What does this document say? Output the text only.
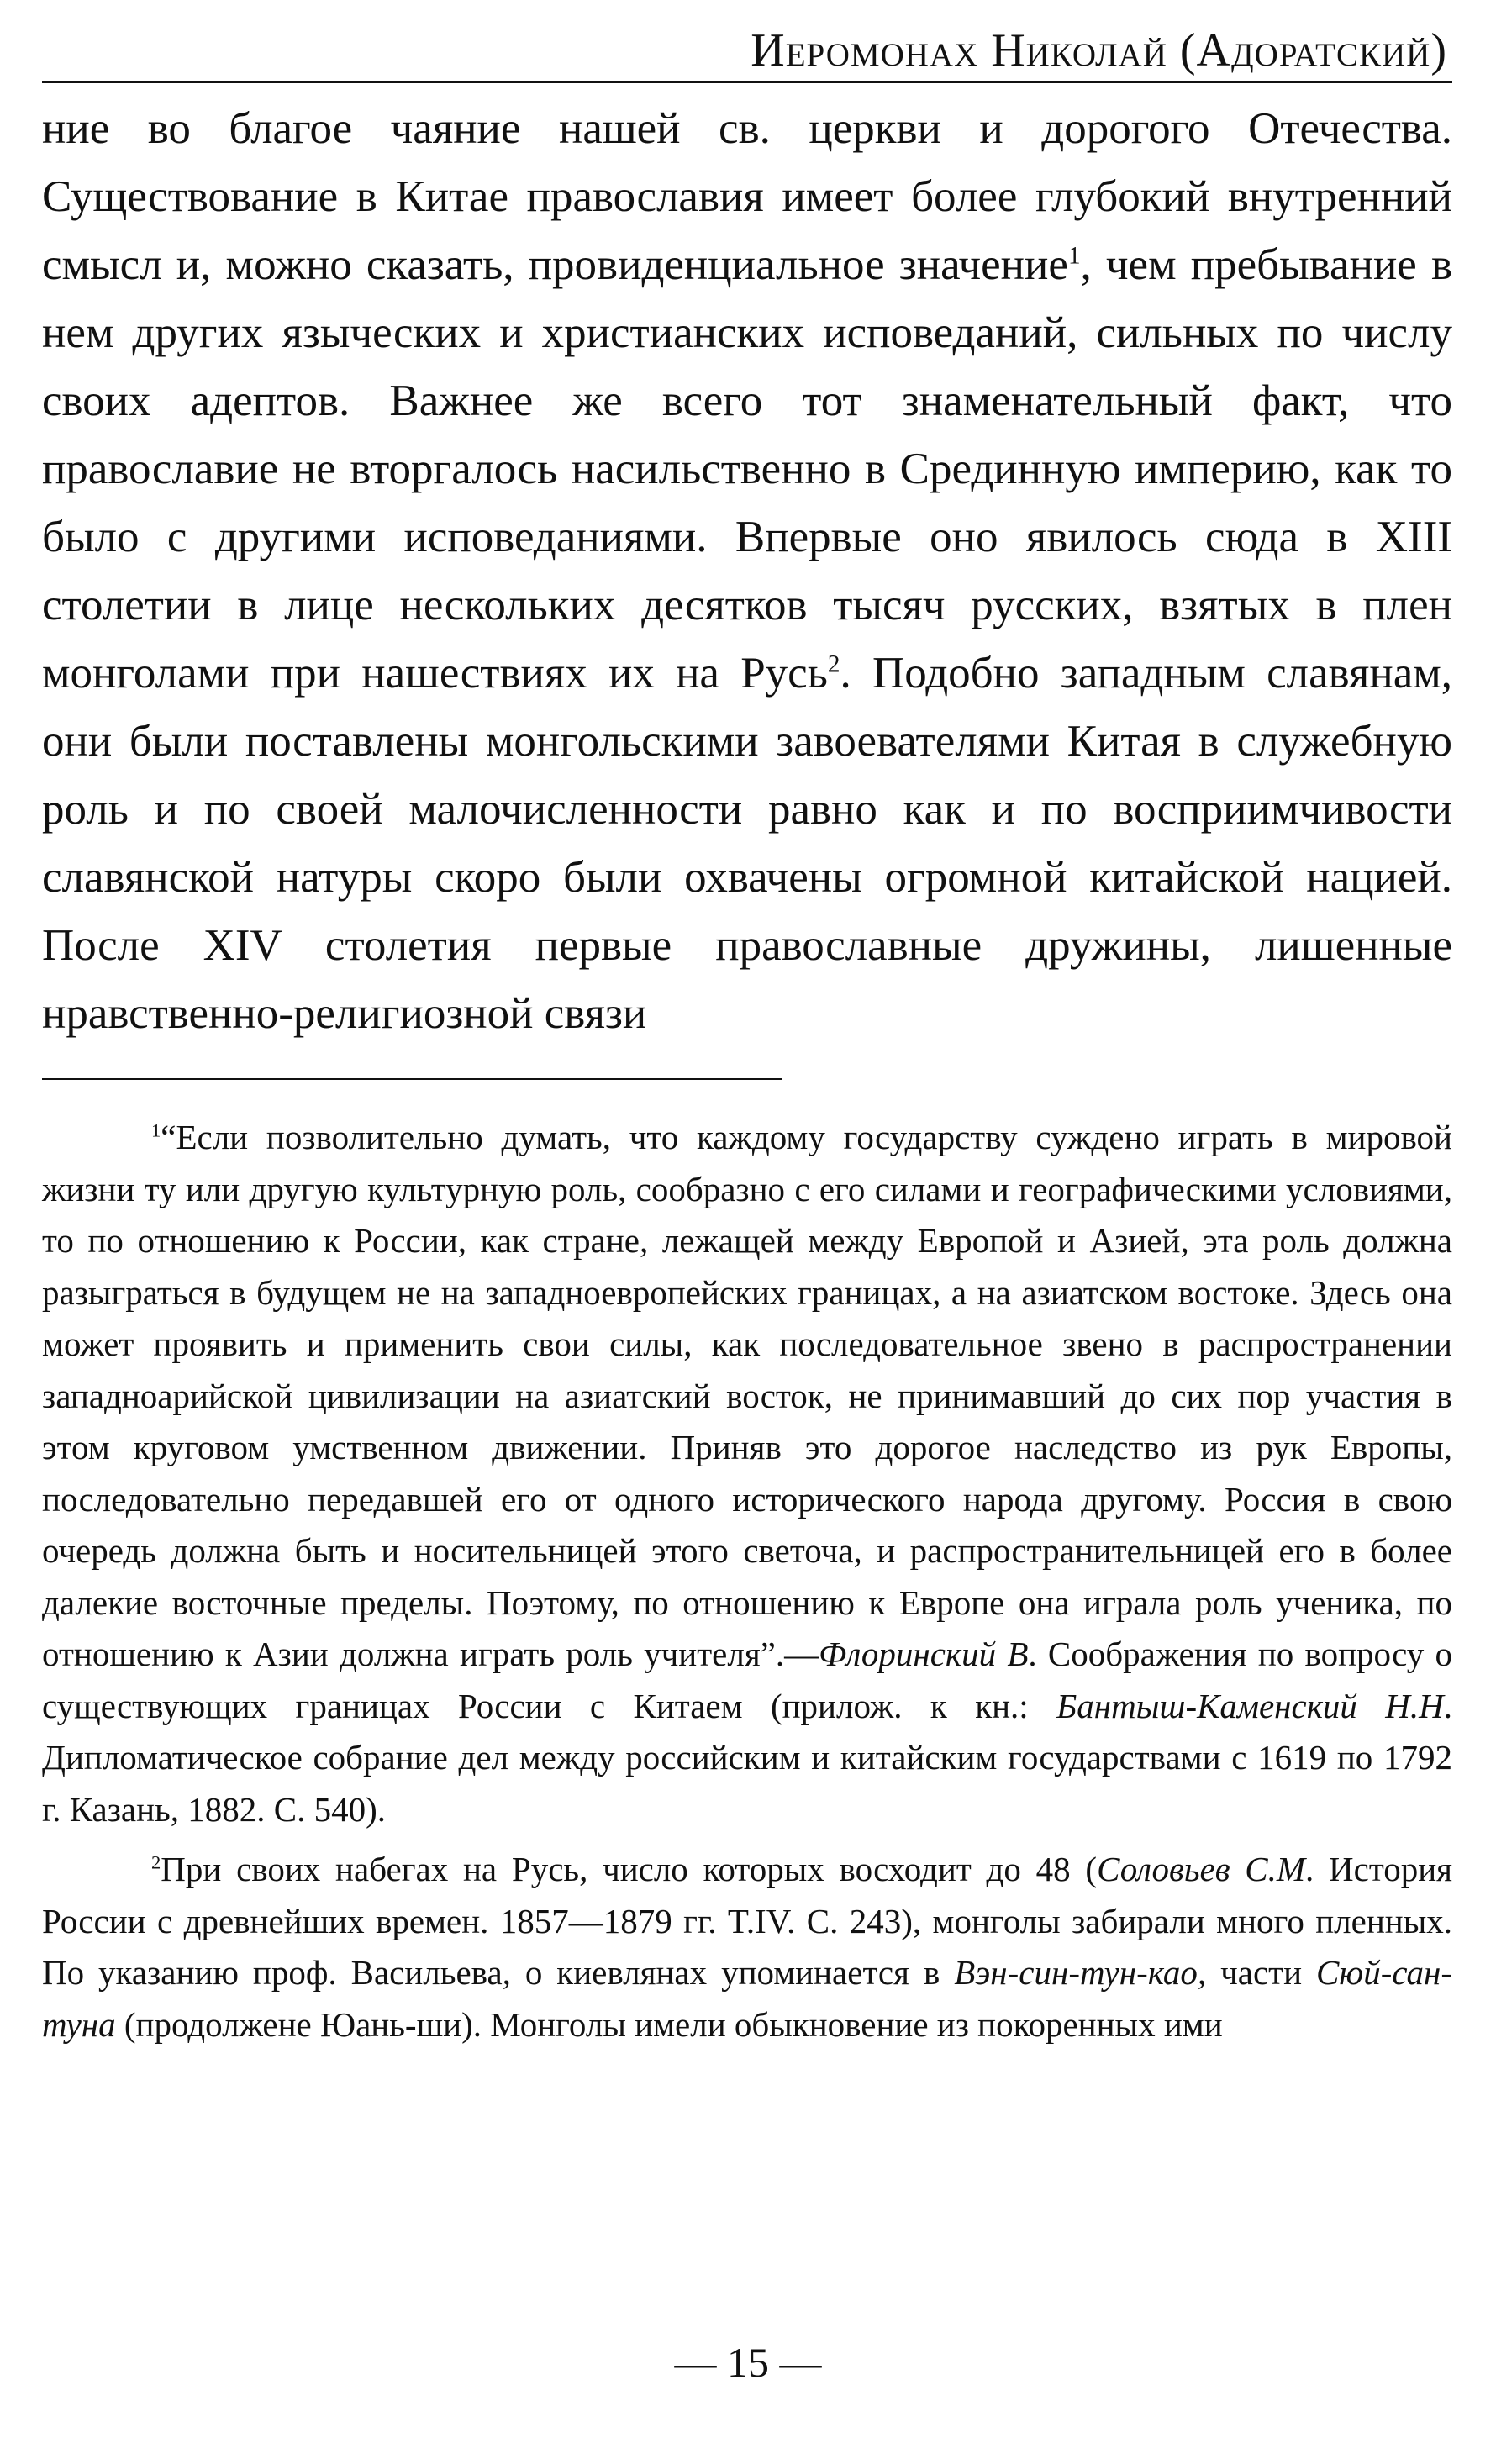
Иеромонах Николай (Адоратский)

ние во благое чаяние нашей св. церкви и дорогого Отечества. Существование в Китае православия имеет более глубокий внутренний смысл и, можно сказать, провиденциальное значение$^1$, чем пребывание в нем других языческих и христианских исповеданий, сильных по числу своих адептов. Важнее же всего тот знаменательный факт, что православие не вторгалось насильственно в Срединную империю, как то было с другими исповеданиями. Впервые оно явилось сюда в XIII столетии в лице нескольких десятков тысяч русских, взятых в плен монголами при нашествиях их на Русь$^2$. Подобно западным славянам, они были поставлены монгольскими завоевателями Китая в служебную роль и по своей малочисленности равно как и по восприимчивости славянской натуры скоро были охвачены огромной китайской нацией. После XIV столетия первые православные дружины, лишенные нравственно-религиозной связи

$^1$“Если позволительно думать, что каждому государству суждено играть в мировой жизни ту или другую культурную роль, сообразно с его силами и географическими условиями, то по отношению к России, как стране, лежащей между Европой и Азией, эта роль должна разыграться в будущем не на западноевропейских границах, а на азиатском востоке. Здесь она может проявить и применить свои силы, как последовательное звено в распространении западноарийской цивилизации на азиатский восток, не принимавший до сих пор участия в этом круговом умственном движении. Приняв это дорогое наследство из рук Европы, последовательно передавшей его от одного исторического народа другому. Россия в свою очередь должна быть и носительницей этого светоча, и распространительницей его в более далекие восточные пределы. Поэтому, по отношению к Европе она играла роль ученика, по отношению к Азии должна играть роль учителя”.—Флоринский В. Соображения по вопросу о существующих границах России с Китаем (прилож. к кн.: Бантыш-Каменский Н.Н. Дипломатическое собрание дел между российским и китайским государствами с 1619 по 1792 г. Казань, 1882. С. 540).

$^2$При своих набегах на Русь, число которых восходит до 48 (Соловьев С.М. История России с древнейших времен. 1857—1879 гг. T.IV. С. 243), монголы забирали много пленных. По указанию проф. Васильева, о киевлянах упоминается в Вэн-син-тун-као, части Сюй-сан-туна (продолжене Юань-ши). Монголы имели обыкновение из покоренных ими

— 15 —
